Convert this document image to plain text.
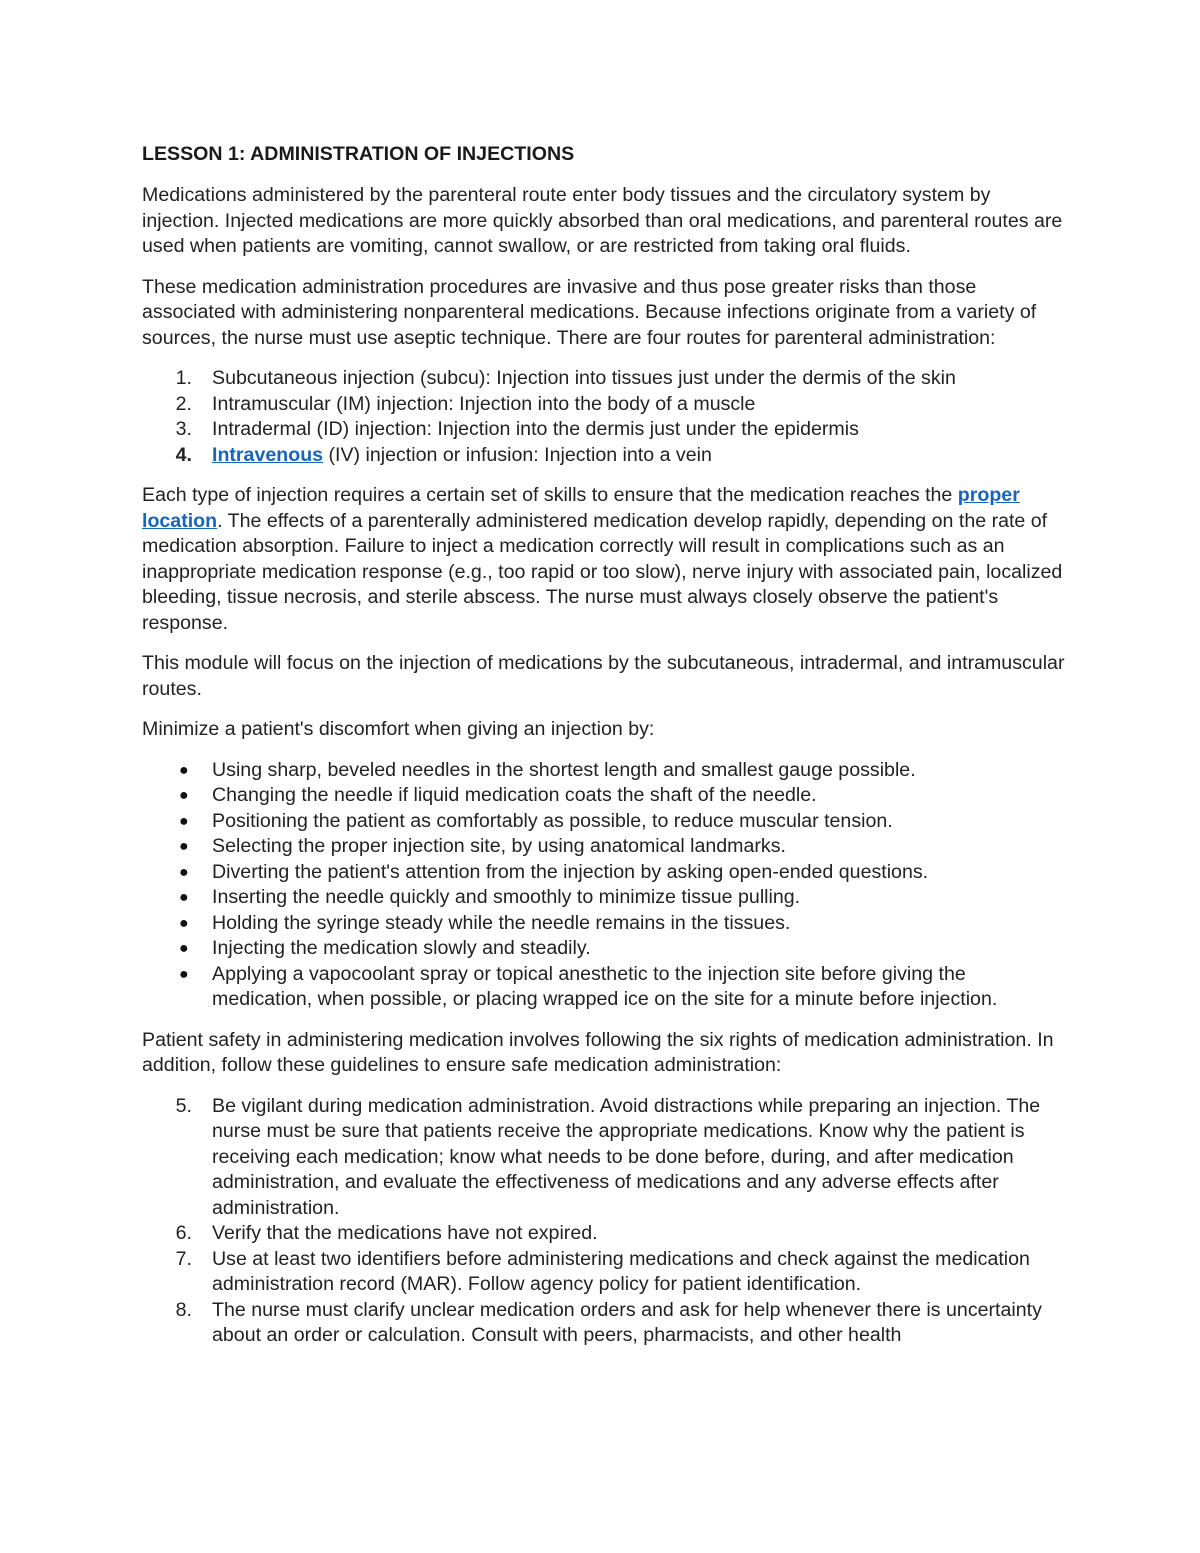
LESSON 1: ADMINISTRATION OF INJECTIONS

Medications administered by the parenteral route enter body tissues and the circulatory system by injection. Injected medications are more quickly absorbed than oral medications, and parenteral routes are used when patients are vomiting, cannot swallow, or are restricted from taking oral fluids.

These medication administration procedures are invasive and thus pose greater risks than those associated with administering nonparenteral medications. Because infections originate from a variety of sources, the nurse must use aseptic technique. There are four routes for parenteral administration:

1. Subcutaneous injection (subcu): Injection into tissues just under the dermis of the skin
2. Intramuscular (IM) injection: Injection into the body of a muscle
3. Intradermal (ID) injection: Injection into the dermis just under the epidermis
4. Intravenous (IV) injection or infusion: Injection into a vein

Each type of injection requires a certain set of skills to ensure that the medication reaches the proper location. The effects of a parenterally administered medication develop rapidly, depending on the rate of medication absorption. Failure to inject a medication correctly will result in complications such as an inappropriate medication response (e.g., too rapid or too slow), nerve injury with associated pain, localized bleeding, tissue necrosis, and sterile abscess. The nurse must always closely observe the patient's response.

This module will focus on the injection of medications by the subcutaneous, intradermal, and intramuscular routes.

Minimize a patient's discomfort when giving an injection by:

● Using sharp, beveled needles in the shortest length and smallest gauge possible.
● Changing the needle if liquid medication coats the shaft of the needle.
● Positioning the patient as comfortably as possible, to reduce muscular tension.
● Selecting the proper injection site, by using anatomical landmarks.
● Diverting the patient's attention from the injection by asking open-ended questions.
● Inserting the needle quickly and smoothly to minimize tissue pulling.
● Holding the syringe steady while the needle remains in the tissues.
● Injecting the medication slowly and steadily.
● Applying a vapocoolant spray or topical anesthetic to the injection site before giving the medication, when possible, or placing wrapped ice on the site for a minute before injection.

Patient safety in administering medication involves following the six rights of medication administration. In addition, follow these guidelines to ensure safe medication administration:

5. Be vigilant during medication administration. Avoid distractions while preparing an injection. The nurse must be sure that patients receive the appropriate medications. Know why the patient is receiving each medication; know what needs to be done before, during, and after medication administration, and evaluate the effectiveness of medications and any adverse effects after administration.
6. Verify that the medications have not expired.
7. Use at least two identifiers before administering medications and check against the medication administration record (MAR). Follow agency policy for patient identification.
8. The nurse must clarify unclear medication orders and ask for help whenever there is uncertainty about an order or calculation. Consult with peers, pharmacists, and other health
